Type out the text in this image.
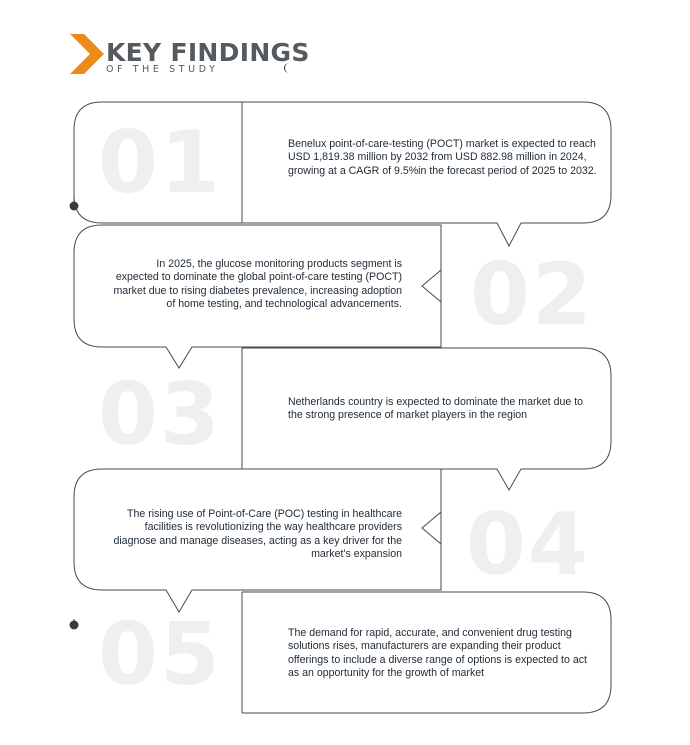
KEY FINDINGS
OF THE STUDY
01
02
03
04
05
Benelux point-of-care-testing (POCT) market is expected to reach USD 1,819.38 million by 2032 from USD 882.98 million in 2024, growing at a CAGR of 9.5%in the forecast period of 2025 to 2032.
In 2025, the glucose monitoring products segment is expected to dominate the global point-of-care testing (POCT) market due to rising diabetes prevalence, increasing adoption of home testing, and technological advancements.
Netherlands country is expected to dominate the market due to the strong presence of market players in the region
The rising use of Point-of-Care (POC) testing in healthcare facilities is revolutionizing the way healthcare providers diagnose and manage diseases, acting as a key driver for the market's expansion
The demand for rapid, accurate, and convenient drug testing solutions rises, manufacturers are expanding their product offerings to include a diverse range of options is expected to act as an opportunity for the growth of market
